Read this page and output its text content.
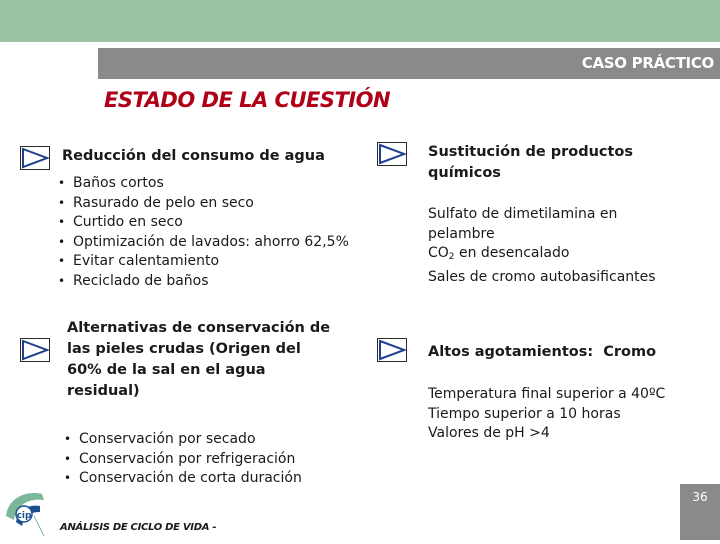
CASO PRÁCTICO
ESTADO DE LA CUESTIÓN
Reducción del consumo de agua
• Baños cortos
• Rasurado de pelo en seco
• Curtido en seco
• Optimización de lavados: ahorro 62,5%
• Evitar calentamiento
• Reciclado de baños
Alternativas de conservación de
las pieles crudas (Origen del
60% de la sal en el agua
residual)
• Conservación por secado
• Conservación por refrigeración
• Conservación de corta duración
Sustitución de productos
químicos
Sulfato de dimetilamina en
pelambre
$CO_2$ en desencalado
Sales de cromo autobasificantes
Altos agotamientos:  Cromo
Temperatura final superior a 40ºC
Tiempo superior a 10 horas
Valores de pH >4
cip
ANÁLISIS DE CICLO DE VIDA -
36
